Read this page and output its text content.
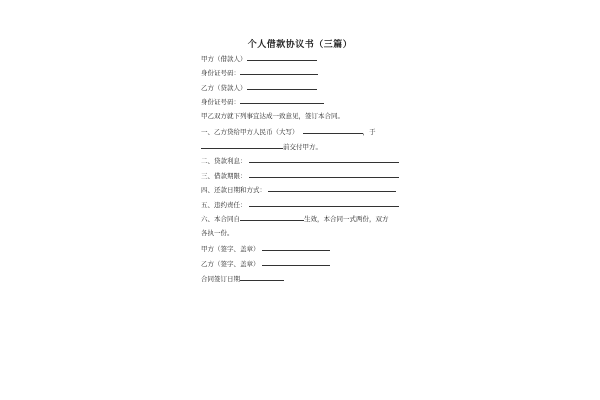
个人借款协议书（三篇）
甲方（借款人）
身份证号码：
乙方（贷款人）
身份证号码：
甲乙双方就下列事宜达成一致意见，签订本合同。
一、乙方贷给甲方人民币（大写）	，于
前交付甲方。
二、贷款利息：
三、借款期限：
四、还款日期和方式：
五、违约责任：
六、本合同自	生效，本合同一式两份，双方
各执一份。
甲方（签字、盖章）
乙方（签字、盖章）
合同签订日期
